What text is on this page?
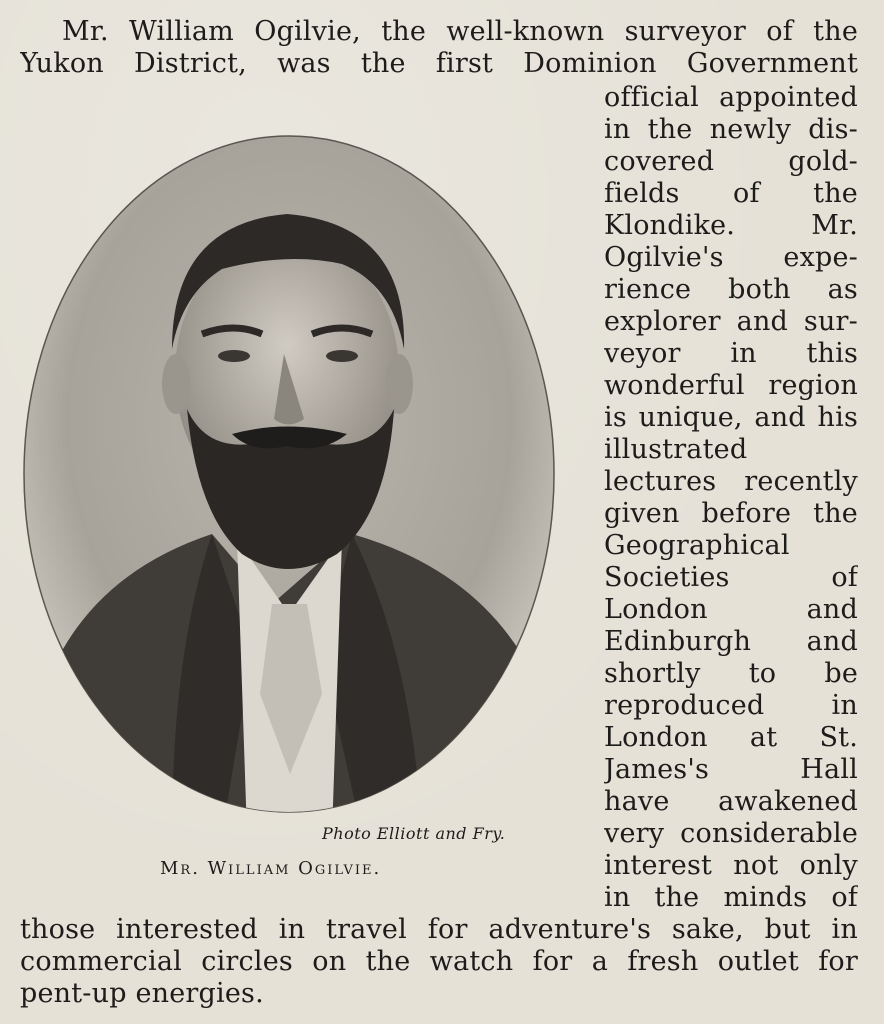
Photo Elliott and Fry.
Mr. William Ogilvie.
Mr. William Ogilvie, the well-known surveyor of the
Yukon District, was the first Dominion Government
official appointed
in the newly dis-
covered gold-
fields of the
Klondike. Mr.
Ogilvie's expe-
rience both as
explorer and sur-
veyor in this
wonderful region
is unique, and his
illustrated
lectures recently
given before the
Geographical
Societies of
London and
Edinburgh and
shortly to be
reproduced in
London at St.
James's Hall
have awakened
very considerable
interest not only
in the minds of
those interested in travel for adventure's sake, but in
commercial circles on the watch for a fresh outlet for
pent-up energies.
